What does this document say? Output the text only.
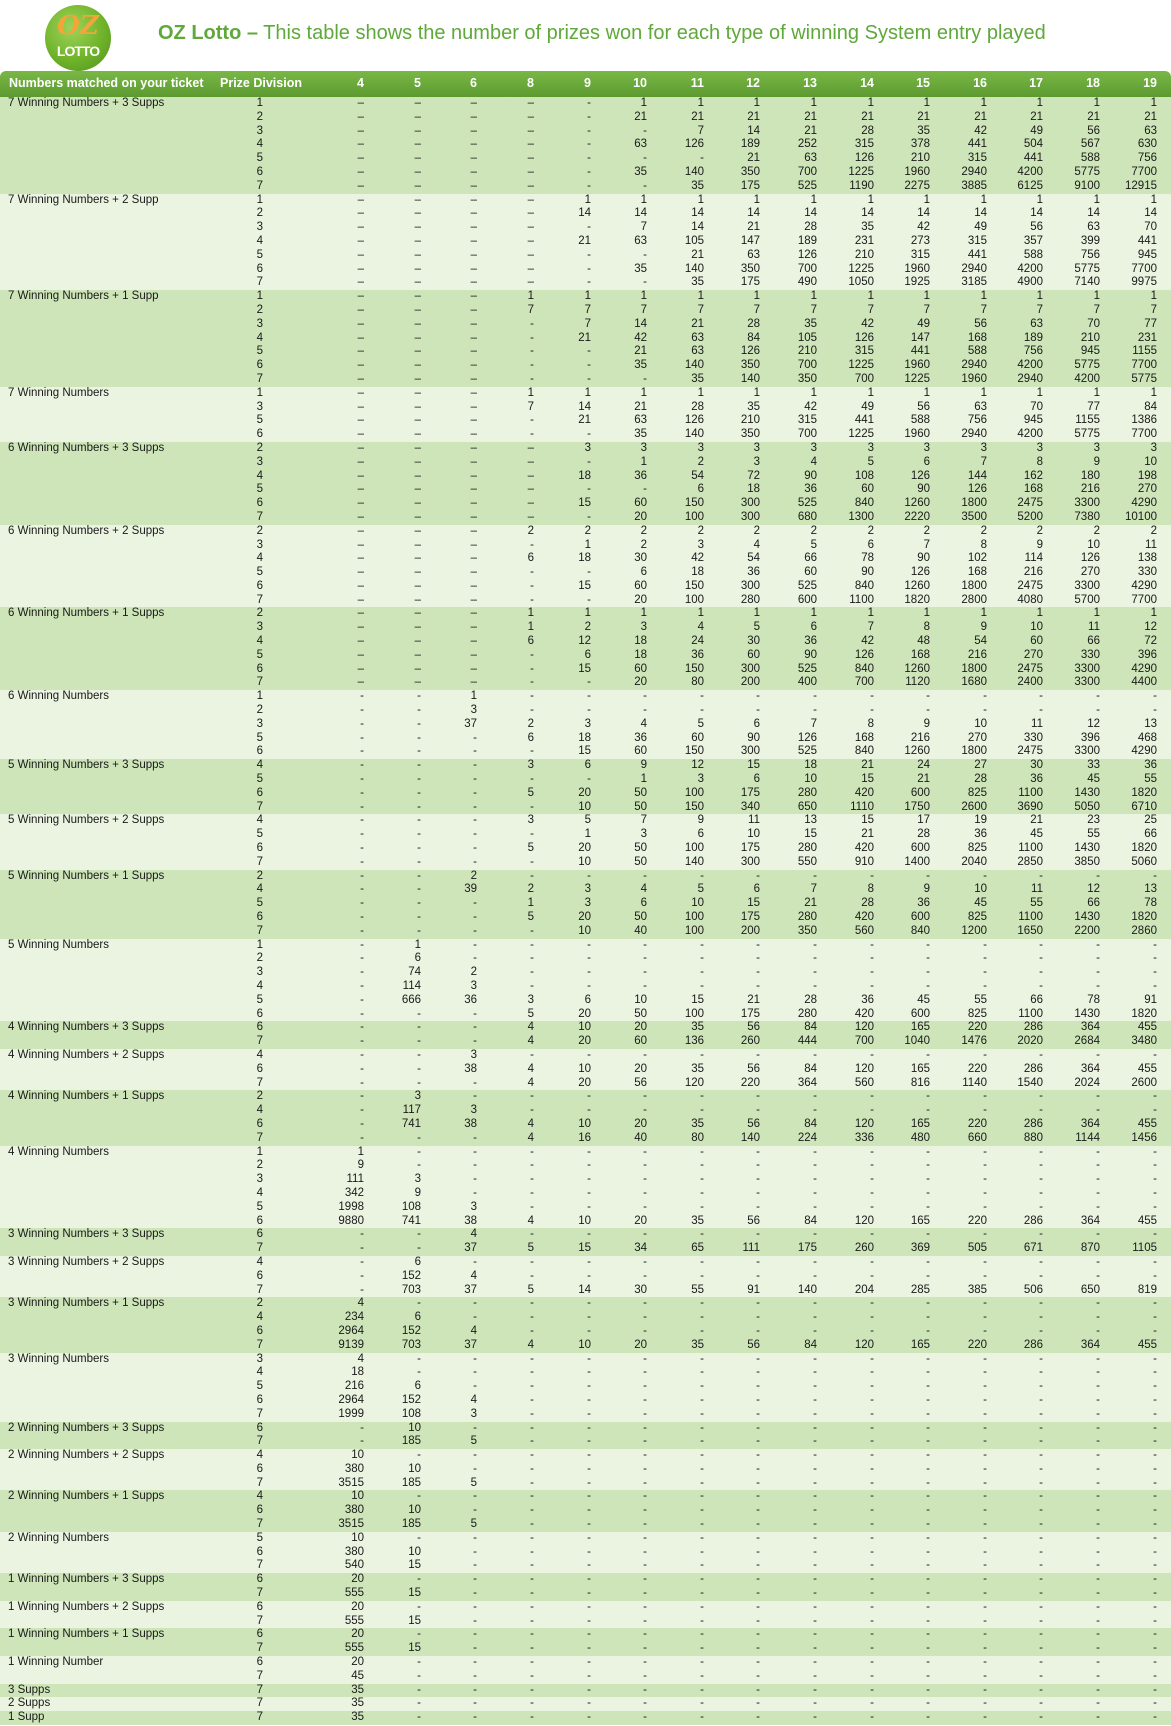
OZ
LOTTO
OZ Lotto – This table shows the number of prizes won for each type of winning System entry played
Numbers matched on your ticket Prize Division	4	5	6	8	9	10	11	12	13	14	15	16	17	18	19
7 Winning Numbers + 3 Supps	1	–	–	–	–	-	1	1	1	1	1	1	1	1	1	1
2	–	–	–	–	-	21	21	21	21	21	21	21	21	21	21
3	–	–	–	–	-	-	7	14	21	28	35	42	49	56	63
4	–	–	–	–	-	63	126	189	252	315	378	441	504	567	630
5	–	–	–	–	-	-	-	21	63	126	210	315	441	588	756
6	–	–	–	–	-	35	140	350	700	1225	1960	2940	4200	5775	7700
7	–	–	–	–	-	-	35	175	525	1190	2275	3885	6125	9100	12915
7 Winning Numbers + 2 Supp	1	–	–	–	–	1	1	1	1	1	1	1	1	1	1	1
2	–	–	–	–	14	14	14	14	14	14	14	14	14	14	14
3	–	–	–	–	-	7	14	21	28	35	42	49	56	63	70
4	–	–	–	–	21	63	105	147	189	231	273	315	357	399	441
5	–	–	–	–	-	-	21	63	126	210	315	441	588	756	945
6	–	–	–	–	-	35	140	350	700	1225	1960	2940	4200	5775	7700
7	–	–	–	–	-	-	35	175	490	1050	1925	3185	4900	7140	9975
7 Winning Numbers + 1 Supp	1	–	–	–	1	1	1	1	1	1	1	1	1	1	1	1
2	–	–	–	7	7	7	7	7	7	7	7	7	7	7	7
3	–	–	–	-	7	14	21	28	35	42	49	56	63	70	77
4	–	–	–	-	21	42	63	84	105	126	147	168	189	210	231
5	–	–	–	-	-	21	63	126	210	315	441	588	756	945	1155
6	–	–	–	-	-	35	140	350	700	1225	1960	2940	4200	5775	7700
7	–	–	–	-	-	-	35	140	350	700	1225	1960	2940	4200	5775
7 Winning Numbers	1	–	–	–	1	1	1	1	1	1	1	1	1	1	1	1
3	–	–	–	7	14	21	28	35	42	49	56	63	70	77	84
5	–	–	–	-	21	63	126	210	315	441	588	756	945	1155	1386
6	–	–	–	-	-	35	140	350	700	1225	1960	2940	4200	5775	7700
6 Winning Numbers + 3 Supps	2	–	–	–	–	3	3	3	3	3	3	3	3	3	3	3
3	–	–	–	–	-	1	2	3	4	5	6	7	8	9	10
4	–	–	–	–	18	36	54	72	90	108	126	144	162	180	198
5	–	–	–	–	-	-	6	18	36	60	90	126	168	216	270
6	–	–	–	–	15	60	150	300	525	840	1260	1800	2475	3300	4290
7	–	–	–	–	-	20	100	300	680	1300	2220	3500	5200	7380	10100
6 Winning Numbers + 2 Supps	2	–	–	–	2	2	2	2	2	2	2	2	2	2	2	2
3	–	–	–	-	1	2	3	4	5	6	7	8	9	10	11
4	–	–	–	6	18	30	42	54	66	78	90	102	114	126	138
5	–	–	–	-	-	6	18	36	60	90	126	168	216	270	330
6	–	–	–	-	15	60	150	300	525	840	1260	1800	2475	3300	4290
7	–	–	–	-	-	20	100	280	600	1100	1820	2800	4080	5700	7700
6 Winning Numbers + 1 Supps	2	–	–	–	1	1	1	1	1	1	1	1	1	1	1	1
3	–	–	–	1	2	3	4	5	6	7	8	9	10	11	12
4	–	–	–	6	12	18	24	30	36	42	48	54	60	66	72
5	–	–	–	-	6	18	36	60	90	126	168	216	270	330	396
6	–	–	–	-	15	60	150	300	525	840	1260	1800	2475	3300	4290
7	–	–	–	-	-	20	80	200	400	700	1120	1680	2400	3300	4400
6 Winning Numbers	1	-	-	1	-	-	-	-	-	-	-	-	-	-	-	-
2	-	-	3	-	-	-	-	-	-	-	-	-	-	-	-
3	-	-	37	2	3	4	5	6	7	8	9	10	11	12	13
5	-	-	-	6	18	36	60	90	126	168	216	270	330	396	468
6	-	-	-	-	15	60	150	300	525	840	1260	1800	2475	3300	4290
5 Winning Numbers + 3 Supps	4	-	-	-	3	6	9	12	15	18	21	24	27	30	33	36
5	-	-	-	-	-	1	3	6	10	15	21	28	36	45	55
6	-	-	-	5	20	50	100	175	280	420	600	825	1100	1430	1820
7	-	-	-	-	10	50	150	340	650	1110	1750	2600	3690	5050	6710
5 Winning Numbers + 2 Supps	4	-	-	-	3	5	7	9	11	13	15	17	19	21	23	25
5	-	-	-	-	1	3	6	10	15	21	28	36	45	55	66
6	-	-	-	5	20	50	100	175	280	420	600	825	1100	1430	1820
7	-	-	-	-	10	50	140	300	550	910	1400	2040	2850	3850	5060
5 Winning Numbers + 1 Supps	2	-	-	2	-	-	-	-	-	-	-	-	-	-	-	-
4	-	-	39	2	3	4	5	6	7	8	9	10	11	12	13
5	-	-	-	1	3	6	10	15	21	28	36	45	55	66	78
6	-	-	-	5	20	50	100	175	280	420	600	825	1100	1430	1820
7	-	-	-	-	10	40	100	200	350	560	840	1200	1650	2200	2860
5 Winning Numbers	1	-	1	-	-	-	-	-	-	-	-	-	-	-	-	-
2	-	6	-	-	-	-	-	-	-	-	-	-	-	-	-
3	-	74	2	-	-	-	-	-	-	-	-	-	-	-	-
4	-	114	3	-	-	-	-	-	-	-	-	-	-	-	-
5	-	666	36	3	6	10	15	21	28	36	45	55	66	78	91
6	-	-	-	5	20	50	100	175	280	420	600	825	1100	1430	1820
4 Winning Numbers + 3 Supps	6	-	-	-	4	10	20	35	56	84	120	165	220	286	364	455
7	-	-	-	4	20	60	136	260	444	700	1040	1476	2020	2684	3480
4 Winning Numbers + 2 Supps	4	-	-	3	-	-	-	-	-	-	-	-	-	-	-	-
6	-	-	38	4	10	20	35	56	84	120	165	220	286	364	455
7	-	-	-	4	20	56	120	220	364	560	816	1140	1540	2024	2600
4 Winning Numbers + 1 Supps	2	-	3	-	-	-	-	-	-	-	-	-	-	-	-	-
4	-	117	3	-	-	-	-	-	-	-	-	-	-	-	-
6	-	741	38	4	10	20	35	56	84	120	165	220	286	364	455
7	-	-	-	4	16	40	80	140	224	336	480	660	880	1144	1456
4 Winning Numbers	1	1	-	-	-	-	-	-	-	-	-	-	-	-	-	-
2	9	-	-	-	-	-	-	-	-	-	-	-	-	-	-
3	111	3	-	-	-	-	-	-	-	-	-	-	-	-	-
4	342	9	-	-	-	-	-	-	-	-	-	-	-	-	-
5	1998	108	3	-	-	-	-	-	-	-	-	-	-	-	-
6	9880	741	38	4	10	20	35	56	84	120	165	220	286	364	455
3 Winning Numbers + 3 Supps	6	-	-	4	-	-	-	-	-	-	-	-	-	-	-	-
7	-	-	37	5	15	34	65	111	175	260	369	505	671	870	1105
3 Winning Numbers + 2 Supps	4	-	6	-	-	-	-	-	-	-	-	-	-	-	-	-
6	-	152	4	-	-	-	-	-	-	-	-	-	-	-	-
7	-	703	37	5	14	30	55	91	140	204	285	385	506	650	819
3 Winning Numbers + 1 Supps	2	4	-	-	-	-	-	-	-	-	-	-	-	-	-	-
4	234	6	-	-	-	-	-	-	-	-	-	-	-	-	-
6	2964	152	4	-	-	-	-	-	-	-	-	-	-	-	-
7	9139	703	37	4	10	20	35	56	84	120	165	220	286	364	455
3 Winning Numbers	3	4	-	-	-	-	-	-	-	-	-	-	-	-	-	-
4	18	-	-	-	-	-	-	-	-	-	-	-	-	-	-
5	216	6	-	-	-	-	-	-	-	-	-	-	-	-	-
6	2964	152	4	-	-	-	-	-	-	-	-	-	-	-	-
7	1999	108	3	-	-	-	-	-	-	-	-	-	-	-	-
2 Winning Numbers + 3 Supps	6	-	10	-	-	-	-	-	-	-	-	-	-	-	-	-
7	-	185	5	-	-	-	-	-	-	-	-	-	-	-	-
2 Winning Numbers + 2 Supps	4	10	-	-	-	-	-	-	-	-	-	-	-	-	-	-
6	380	10	-	-	-	-	-	-	-	-	-	-	-	-	-
7	3515	185	5	-	-	-	-	-	-	-	-	-	-	-	-
2 Winning Numbers + 1 Supps	4	10	-	-	-	-	-	-	-	-	-	-	-	-	-	-
6	380	10	-	-	-	-	-	-	-	-	-	-	-	-	-
7	3515	185	5	-	-	-	-	-	-	-	-	-	-	-	-
2 Winning Numbers	5	10	-	-	-	-	-	-	-	-	-	-	-	-	-	-
6	380	10	-	-	-	-	-	-	-	-	-	-	-	-	-
7	540	15	-	-	-	-	-	-	-	-	-	-	-	-	-
1 Winning Numbers + 3 Supps	6	20	-	-	-	-	-	-	-	-	-	-	-	-	-	-
7	555	15	-	-	-	-	-	-	-	-	-	-	-	-	-
1 Winning Numbers + 2 Supps	6	20	-	-	-	-	-	-	-	-	-	-	-	-	-	-
7	555	15	-	-	-	-	-	-	-	-	-	-	-	-	-
1 Winning Numbers + 1 Supps	6	20	-	-	-	-	-	-	-	-	-	-	-	-	-	-
7	555	15	-	-	-	-	-	-	-	-	-	-	-	-	-
1 Winning Number	6	20	-	-	-	-	-	-	-	-	-	-	-	-	-	-
7	45	-	-	-	-	-	-	-	-	-	-	-	-	-	-
3 Supps	7	35	-	-	-	-	-	-	-	-	-	-	-	-	-	-
2 Supps	7	35	-	-	-	-	-	-	-	-	-	-	-	-	-	-
1 Supp	7	35	-	-	-	-	-	-	-	-	-	-	-	-	-	-
